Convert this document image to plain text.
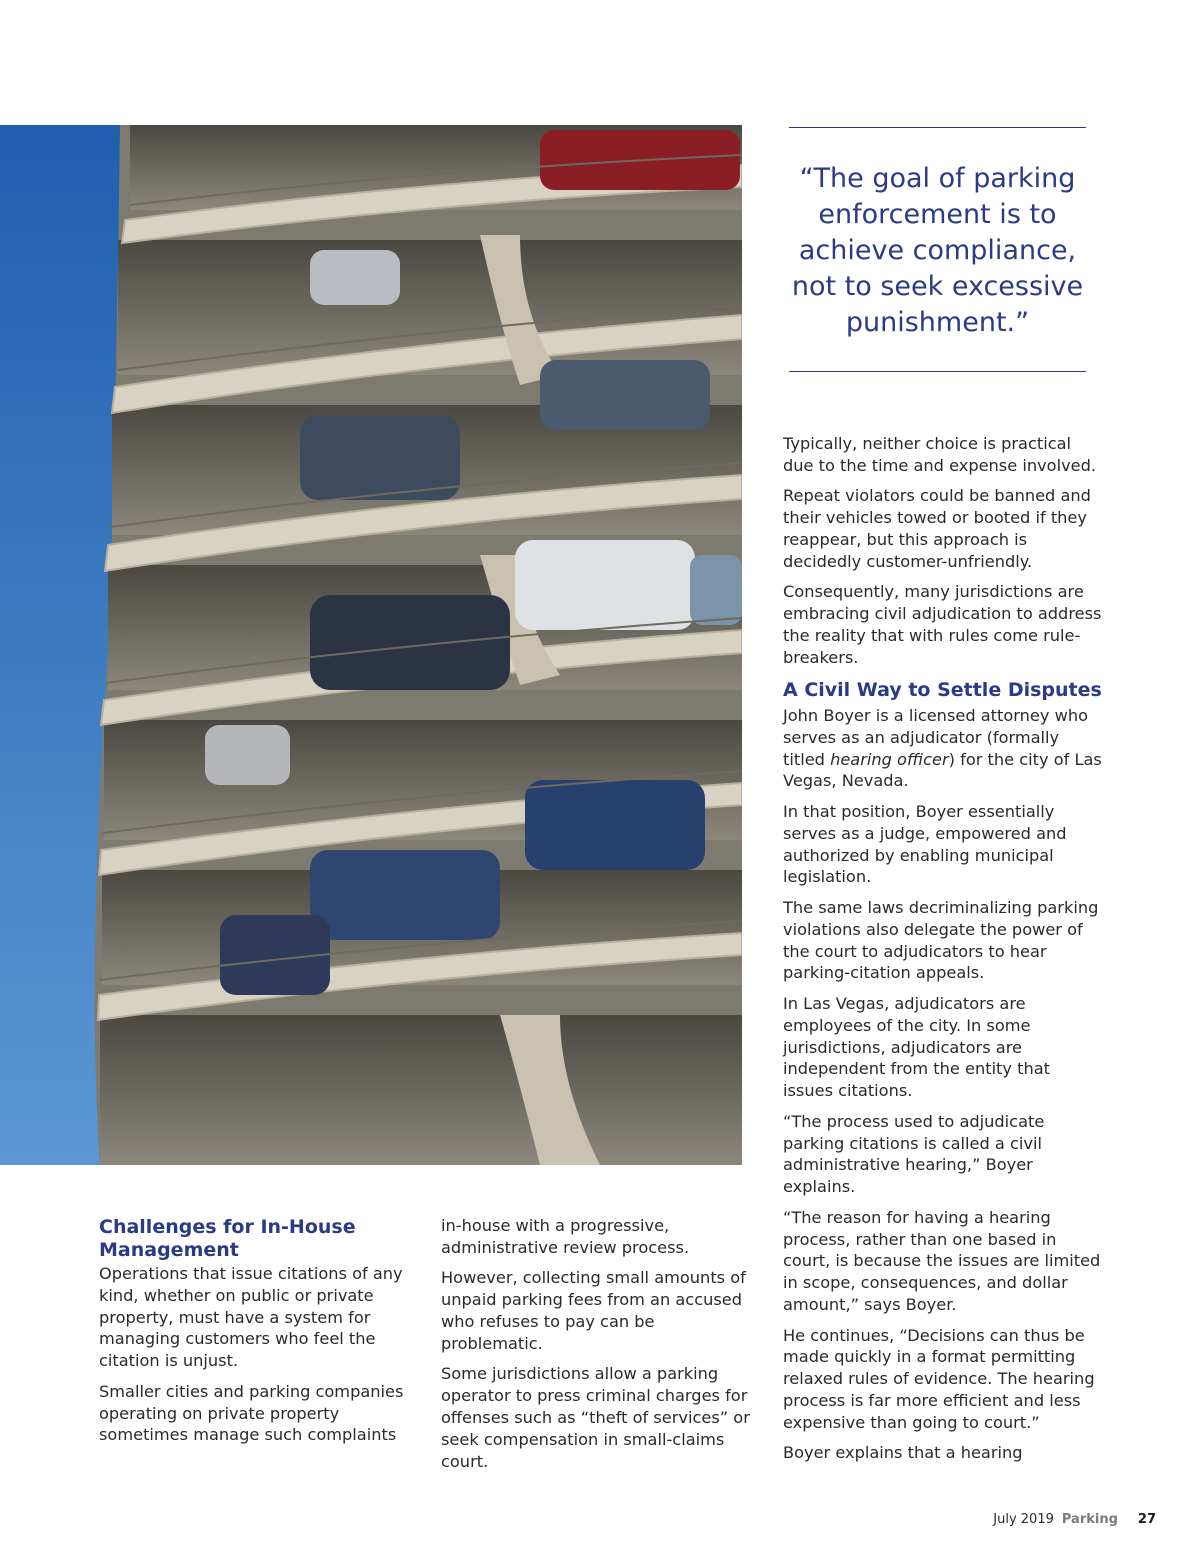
“The goal of parking
enforcement is to
achieve compliance,
not to seek excessive
punishment.”
Challenges for In-House Management

Operations that issue citations of any kind, whether on public or private property, must have a system for managing customers who feel the citation is unjust.

Smaller cities and parking companies operating on private property sometimes manage such complaints

in-house with a progressive, administrative review process.

However, collecting small amounts of unpaid parking fees from an accused who refuses to pay can be problematic.

Some jurisdictions allow a parking operator to press criminal charges for offenses such as “theft of services” or seek compensation in small-claims court.

Typically, neither choice is practical due to the time and expense involved.

Repeat violators could be banned and their vehicles towed or booted if they reappear, but this approach is decidedly customer-unfriendly.

Consequently, many jurisdictions are embracing civil adjudication to address the reality that with rules come rule-breakers.

A Civil Way to Settle Disputes

John Boyer is a licensed attorney who serves as an adjudicator (formally titled hearing officer) for the city of Las Vegas, Nevada.

In that position, Boyer essentially serves as a judge, empowered and authorized by enabling municipal legislation.

The same laws decriminalizing parking violations also delegate the power of the court to adjudicators to hear parking-citation appeals.

In Las Vegas, adjudicators are employees of the city. In some jurisdictions, adjudicators are independent from the entity that issues citations.

“The process used to adjudicate parking citations is called a civil administrative hearing,” Boyer explains.

“The reason for having a hearing process, rather than one based in court, is because the issues are limited in scope, consequences, and dollar amount,” says Boyer.

He continues, “Decisions can thus be made quickly in a format permitting relaxed rules of evidence. The hearing process is far more efficient and less expensive than going to court.”

Boyer explains that a hearing

July 2019 Parking 27
